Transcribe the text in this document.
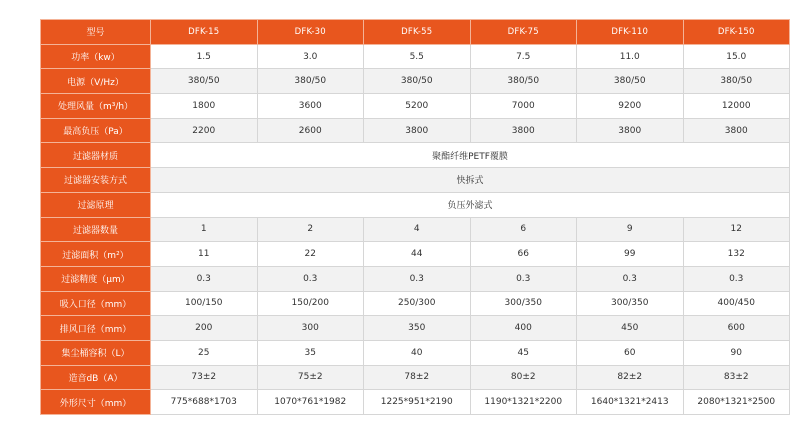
型号	DFK-15	DFK-30	DFK-55	DFK-75	DFK-110	DFK-150
功率（kw）	1.5	3.0	5.5	7.5	11.0	15.0
电源（V/Hz）	380/50	380/50	380/50	380/50	380/50	380/50
处理风量（m³/h）	1800	3600	5200	7000	9200	12000
最高负压（Pa）	2200	2600	3800	3800	3800	3800
过滤器材质	聚酯纤维PETF覆膜					
过滤器安装方式	快拆式					
过滤原理	负压外滤式					
过滤器数量	1	2	4	6	9	12
过滤面积（m²）	11	22	44	66	99	132
过滤精度（μm）	0.3	0.3	0.3	0.3	0.3	0.3
吸入口径（mm）	100/150	150/200	250/300	300/350	300/350	400/450
排风口径（mm）	200	300	350	400	450	600
集尘桶容积（L）	25	35	40	45	60	90
造音dB（A）	73±2	75±2	78±2	80±2	82±2	83±2
外形尺寸（mm）	775*688*1703	1070*761*1982	1225*951*2190	1190*1321*2200	1640*1321*2413	2080*1321*2500
